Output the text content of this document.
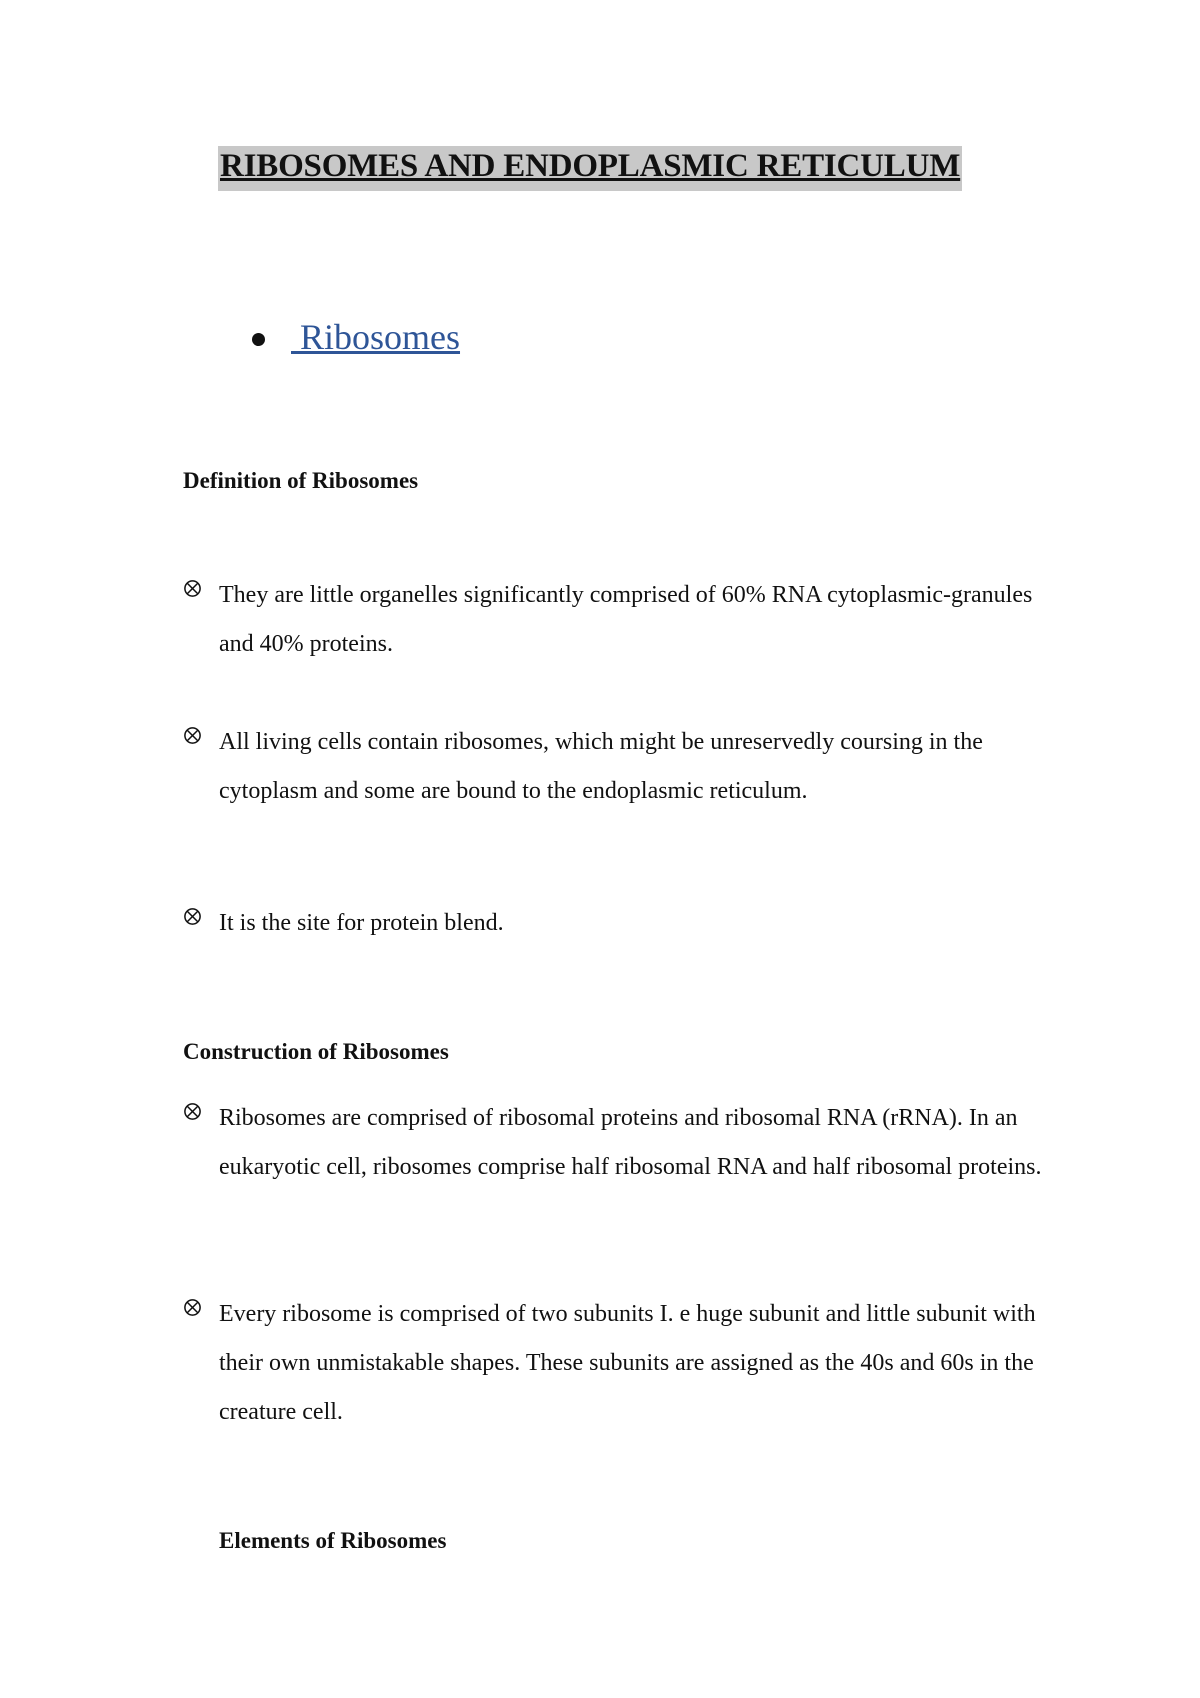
RIBOSOMES AND ENDOPLASMIC RETICULUM
Ribosomes
Definition of Ribosomes

They are little organelles significantly comprised of 60% RNA cytoplasmic-granules and 40% proteins.

All living cells contain ribosomes, which might be unreservedly coursing in the cytoplasm and some are bound to the endoplasmic reticulum.

It is the site for protein blend.

Construction of Ribosomes

Ribosomes are comprised of ribosomal proteins and ribosomal RNA (rRNA). In an eukaryotic cell, ribosomes comprise half ribosomal RNA and half ribosomal proteins.

Every ribosome is comprised of two subunits I. e huge subunit and little subunit with their own unmistakable shapes. These subunits are assigned as the 40s and 60s in the creature cell.

Elements of Ribosomes
